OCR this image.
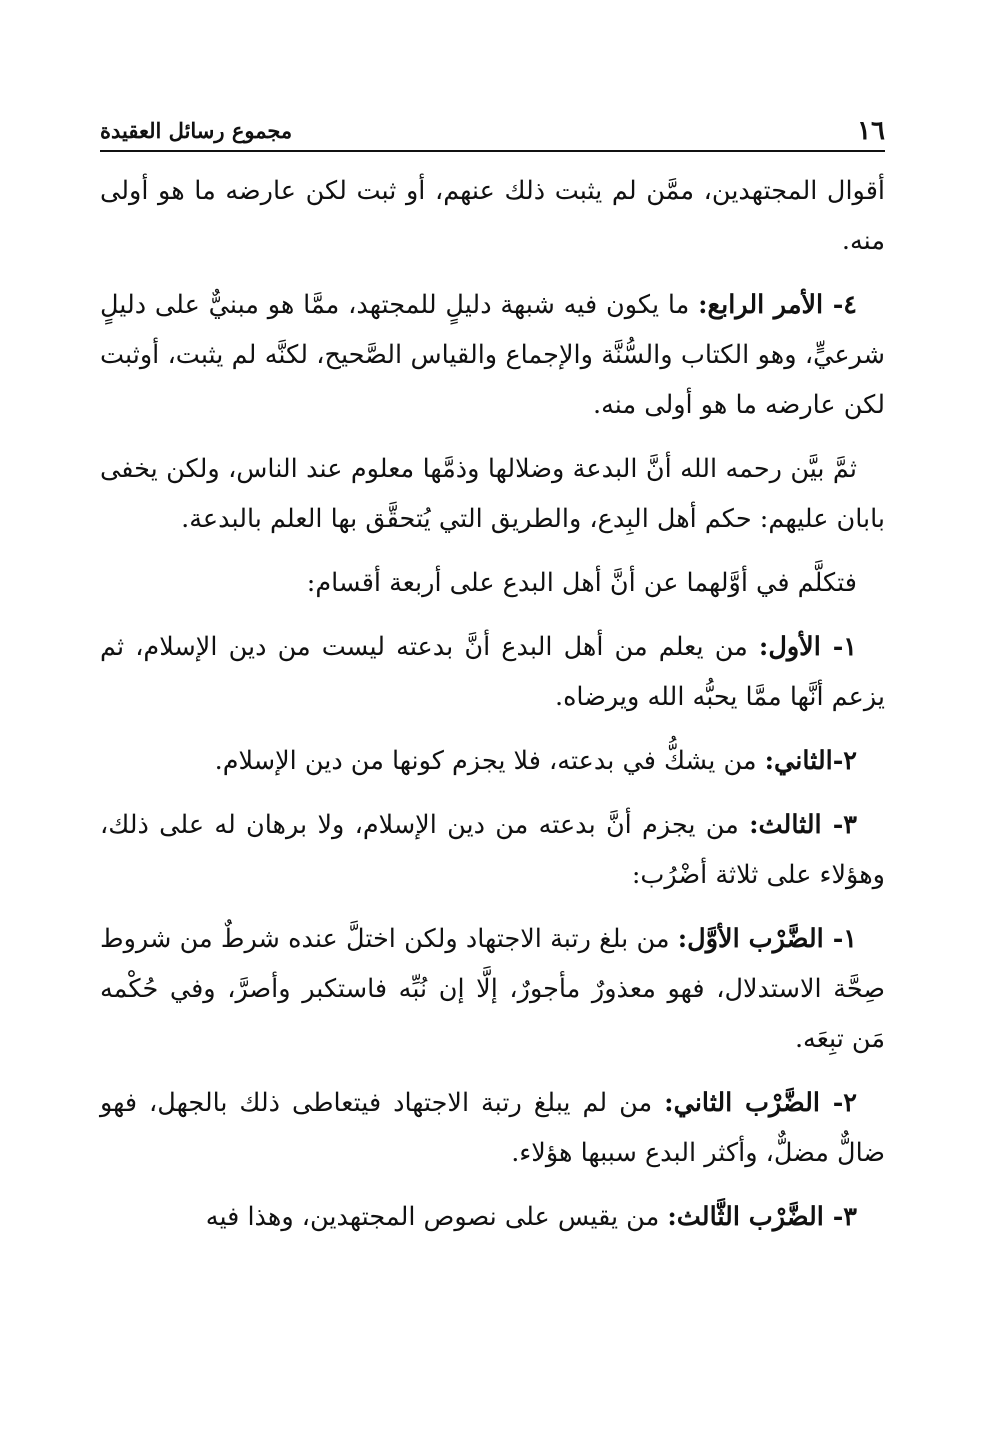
١٦
مجموع رسائل العقيدة

أقوال المجتهدين، ممَّن لم يثبت ذلك عنهم، أو ثبت لكن عارضه ما هو أولى منه.

٤- الأمر الرابع: ما يكون فيه شبهة دليلٍ للمجتهد، ممَّا هو مبنيٌّ على دليلٍ شرعيٍّ، وهو الكتاب والسُّنَّة والإجماع والقياس الصَّحيح، لكنَّه لم يثبت، أوثبت لكن عارضه ما هو أولى منه.

ثمَّ بيَّن رحمه الله أنَّ البدعة وضلالها وذمَّها معلوم عند الناس، ولكن يخفى بابان عليهم: حكم أهل البِدع، والطريق التي يُتحقَّق بها العلم بالبدعة.

فتكلَّم في أوَّلهما عن أنَّ أهل البدع على أربعة أقسام:

١- الأول: من يعلم من أهل البدع أنَّ بدعته ليست من دين الإسلام، ثم يزعم أنَّها ممَّا يحبُّه الله ويرضاه.

٢-الثاني: من يشكُّ في بدعته، فلا يجزم كونها من دين الإسلام.

٣- الثالث: من يجزم أنَّ بدعته من دين الإسلام، ولا برهان له على ذلك، وهؤلاء على ثلاثة أضْرُب:

١- الضَّرْب الأوَّل: من بلغ رتبة الاجتهاد ولكن اختلَّ عنده شرطٌ من شروط صِحَّة الاستدلال، فهو معذورٌ مأجورٌ، إلَّا إن نُبِّه فاستكبر وأصرَّ، وفي حُكْمه مَن تبِعَه.

٢- الضَّرْب الثاني: من لم يبلغ رتبة الاجتهاد فيتعاطى ذلك بالجهل، فهو ضالٌّ مضلٌّ، وأكثر البدع سببها هؤلاء.

٣- الضَّرْب الثَّالث: من يقيس على نصوص المجتهدين، وهذا فيه
